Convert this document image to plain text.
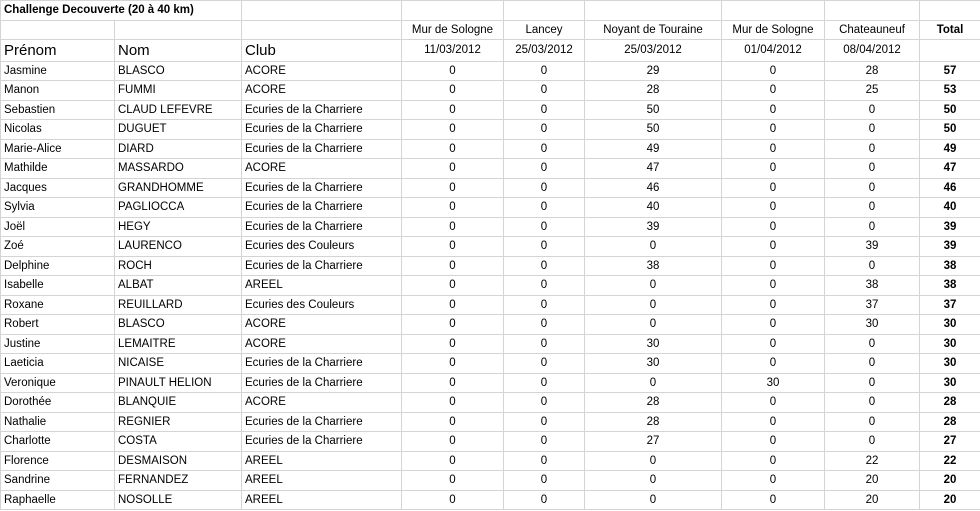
Challenge Decouverte (20 à 40 km)								
			Mur de Sologne	Lancey	Noyant de Touraine	Mur de Sologne	Chateauneuf	Total
Prénom	Nom	Club	11/03/2012	25/03/2012	25/03/2012	01/04/2012	08/04/2012	
Jasmine	BLASCO	ACORE	0	0	29	0	28	57
Manon	FUMMI	ACORE	0	0	28	0	25	53
Sebastien	CLAUD LEFEVRE	Ecuries de la Charriere	0	0	50	0	0	50
Nicolas	DUGUET	Ecuries de la Charriere	0	0	50	0	0	50
Marie-Alice	DIARD	Ecuries de la Charriere	0	0	49	0	0	49
Mathilde	MASSARDO	ACORE	0	0	47	0	0	47
Jacques	GRANDHOMME	Ecuries de la Charriere	0	0	46	0	0	46
Sylvia	PAGLIOCCA	Ecuries de la Charriere	0	0	40	0	0	40
Joël	HEGY	Ecuries de la Charriere	0	0	39	0	0	39
Zoé	LAURENCO	Ecuries des Couleurs	0	0	0	0	39	39
Delphine	ROCH	Ecuries de la Charriere	0	0	38	0	0	38
Isabelle	ALBAT	AREEL	0	0	0	0	38	38
Roxane	REUILLARD	Ecuries des Couleurs	0	0	0	0	37	37
Robert	BLASCO	ACORE	0	0	0	0	30	30
Justine	LEMAITRE	ACORE	0	0	30	0	0	30
Laeticia	NICAISE	Ecuries de la Charriere	0	0	30	0	0	30
Veronique	PINAULT HELION	Ecuries de la Charriere	0	0	0	30	0	30
Dorothée	BLANQUIE	ACORE	0	0	28	0	0	28
Nathalie	REGNIER	Ecuries de la Charriere	0	0	28	0	0	28
Charlotte	COSTA	Ecuries de la Charriere	0	0	27	0	0	27
Florence	DESMAISON	AREEL	0	0	0	0	22	22
Sandrine	FERNANDEZ	AREEL	0	0	0	0	20	20
Raphaelle	NOSOLLE	AREEL	0	0	0	0	20	20
